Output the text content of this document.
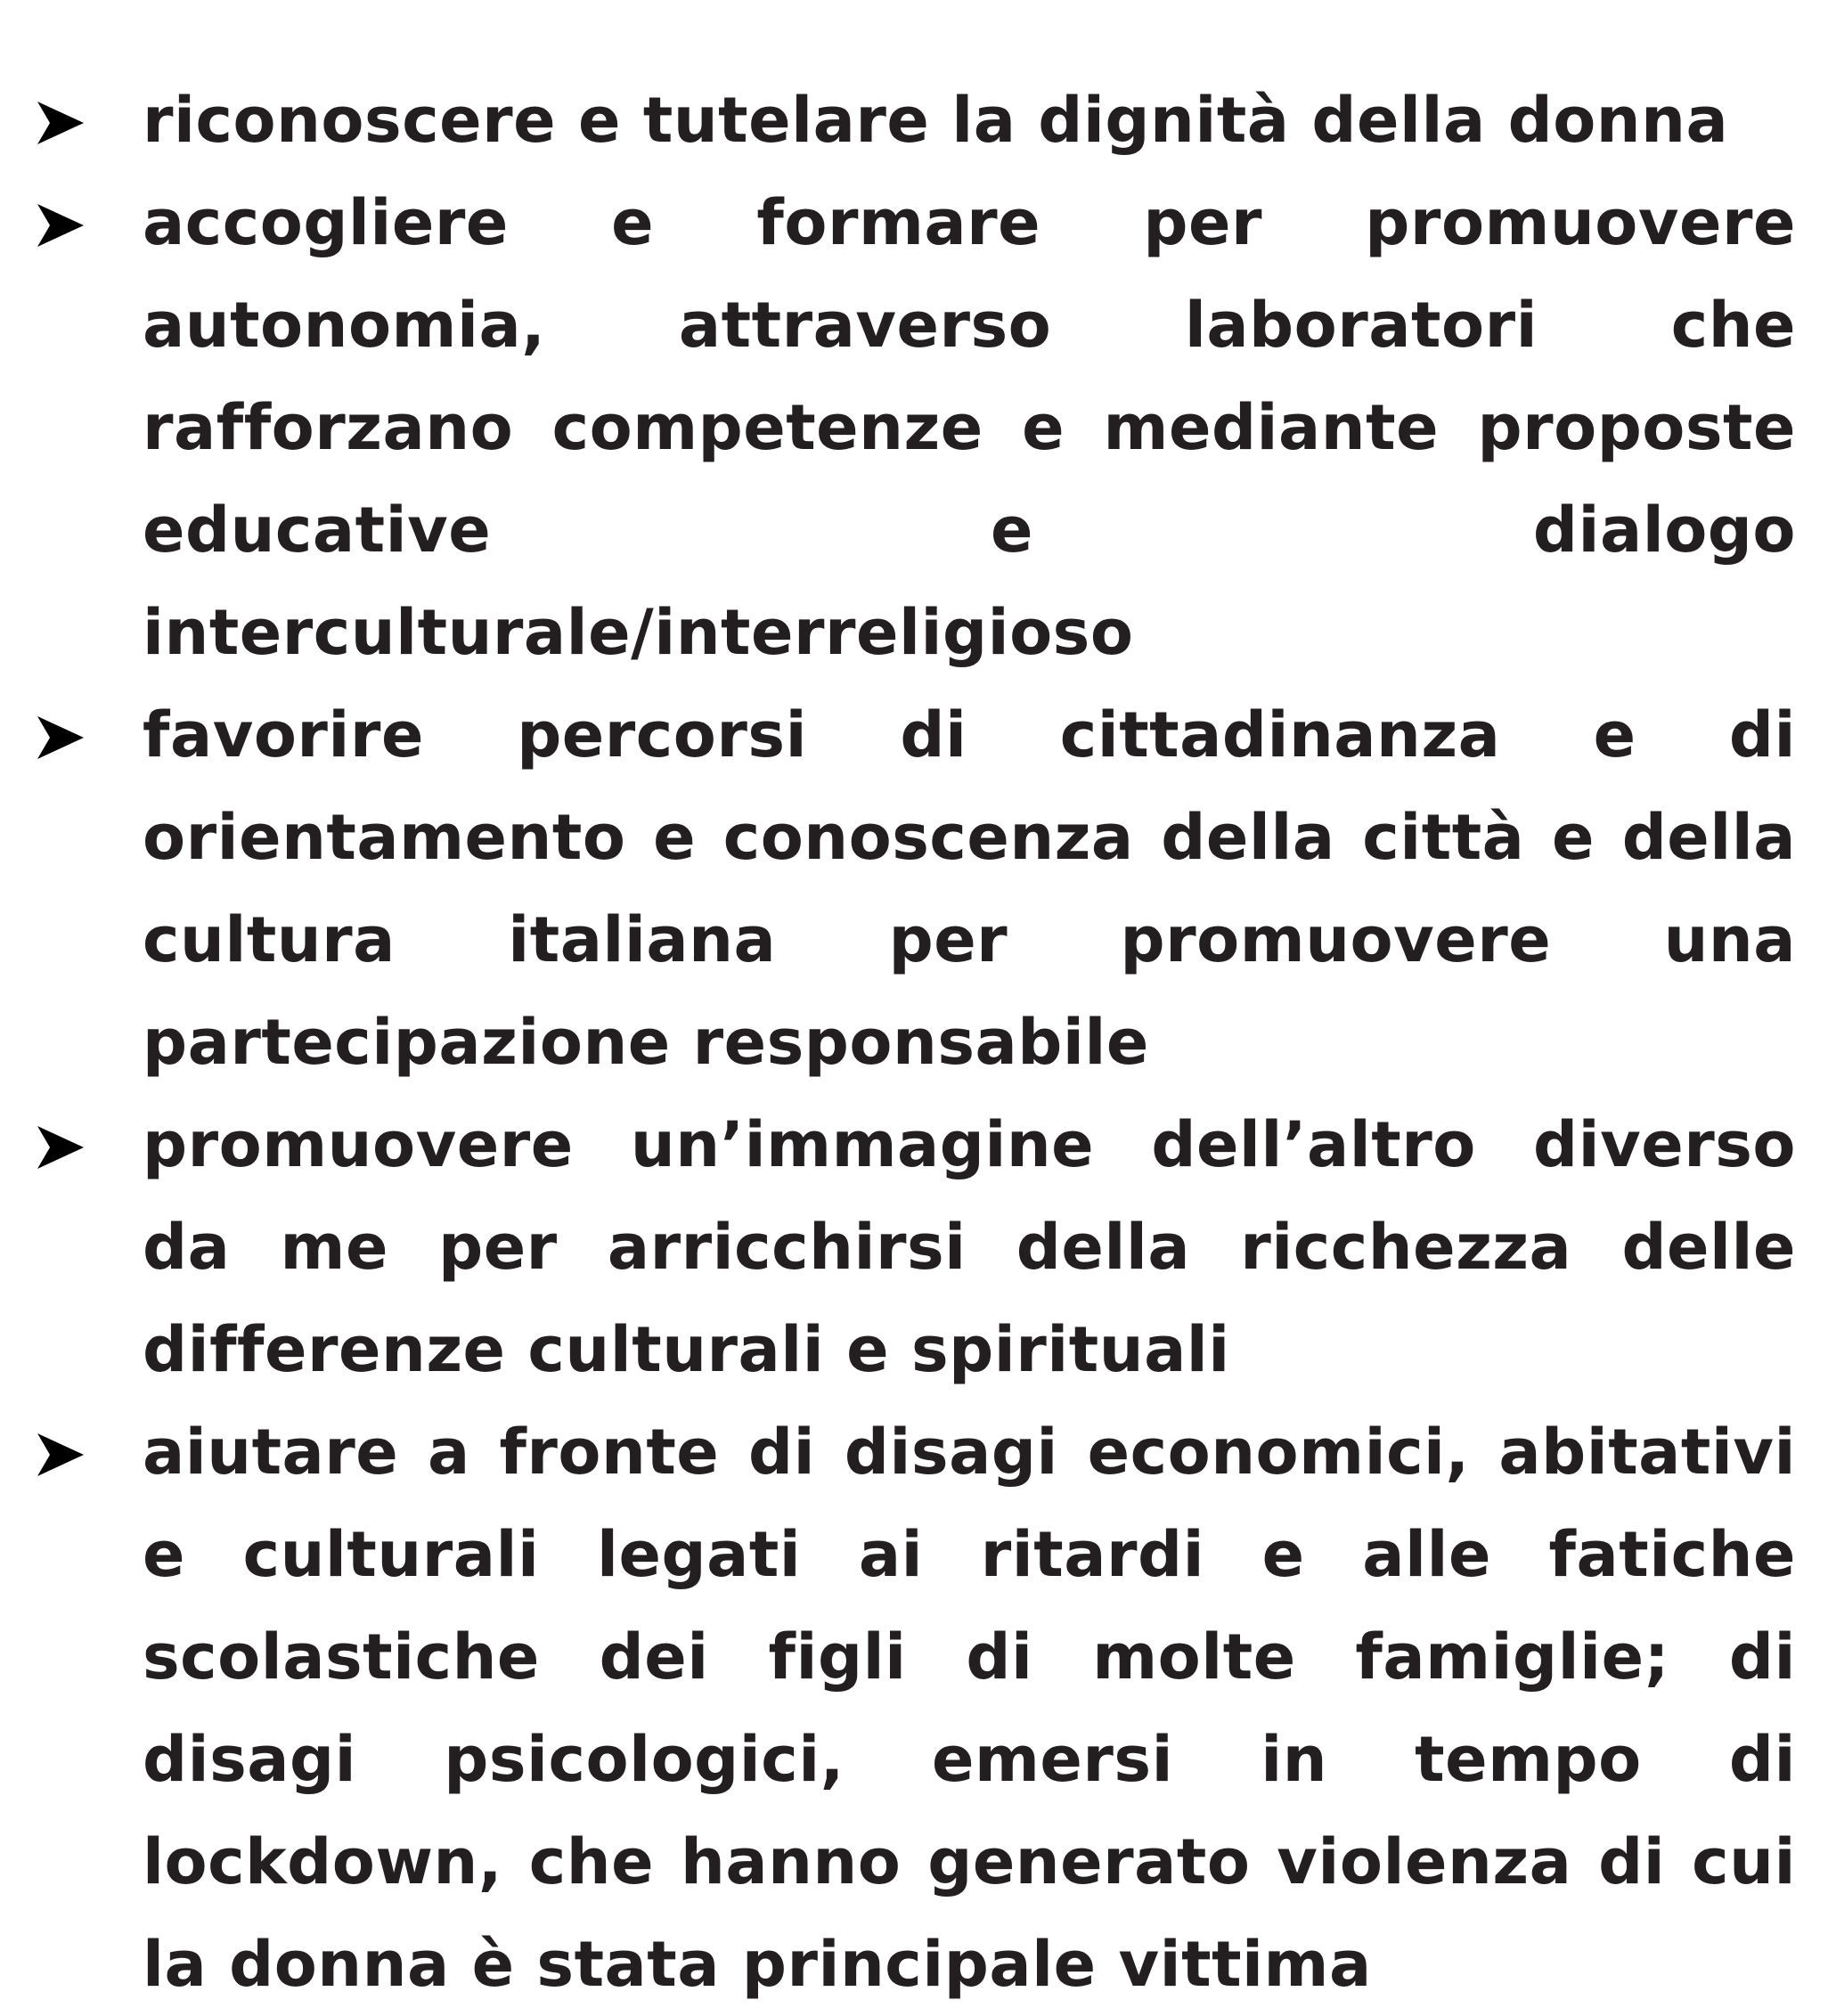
riconoscere e tutelare la dignità della donna
accogliere e formare per promuovere autonomia, attraverso laboratori che rafforzano competenze e mediante proposte educative e dialogo interculturale/interreligioso
favorire percorsi di cittadinanza e di orientamento e conoscenza della città e della cultura italiana per promuovere una partecipazione responsabile
promuovere un’immagine dell’altro diverso da me per arricchirsi della ricchezza delle differenze culturali e spirituali
aiutare a fronte di disagi economici, abitativi e culturali legati ai ritardi e alle fatiche scolastiche dei figli di molte famiglie; di disagi psicologici, emersi in tempo di lockdown, che hanno generato violenza di cui la donna è stata principale vittima
